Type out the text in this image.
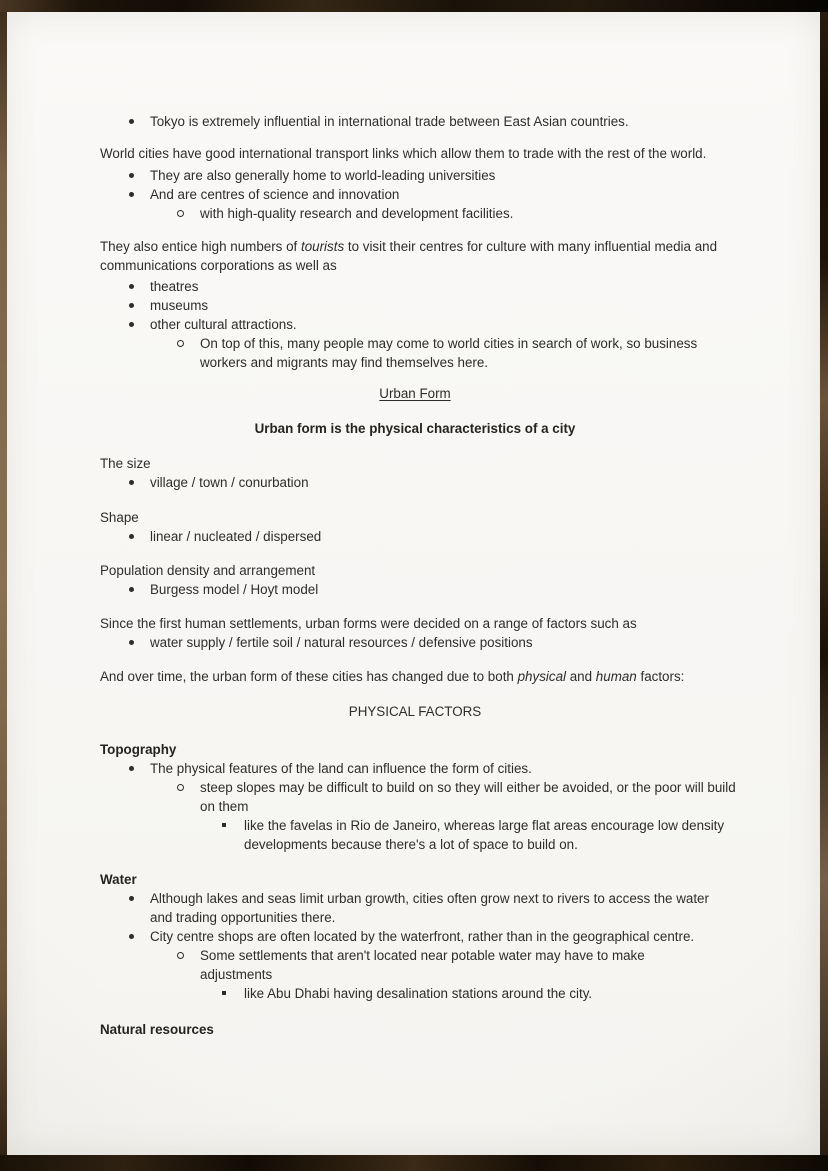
Tokyo is extremely influential in international trade between East Asian countries.

World cities have good international transport links which allow them to trade with the rest of the world.

They are also generally home to world-leading universities
And are centres of science and innovation
with high-quality research and development facilities.

They also entice high numbers of tourists to visit their centres for culture with many influential media and communications corporations as well as

theatres
museums
other cultural attractions.
On top of this, many people may come to world cities in search of work, so business workers and migrants may find themselves here.

Urban Form

Urban form is the physical characteristics of a city

The size

village / town / conurbation

Shape

linear / nucleated / dispersed

Population density and arrangement

Burgess model / Hoyt model

Since the first human settlements, urban forms were decided on a range of factors such as

water supply / fertile soil / natural resources / defensive positions

And over time, the urban form of these cities has changed due to both physical and human factors:

PHYSICAL FACTORS

Topography

The physical features of the land can influence the form of cities.
steep slopes may be difficult to build on so they will either be avoided, or the poor will build on them
like the favelas in Rio de Janeiro, whereas large flat areas encourage low density developments because there's a lot of space to build on.

Water

Although lakes and seas limit urban growth, cities often grow next to rivers to access the water and trading opportunities there.
City centre shops are often located by the waterfront, rather than in the geographical centre.
Some settlements that aren't located near potable water may have to make adjustments
like Abu Dhabi having desalination stations around the city.

Natural resources
